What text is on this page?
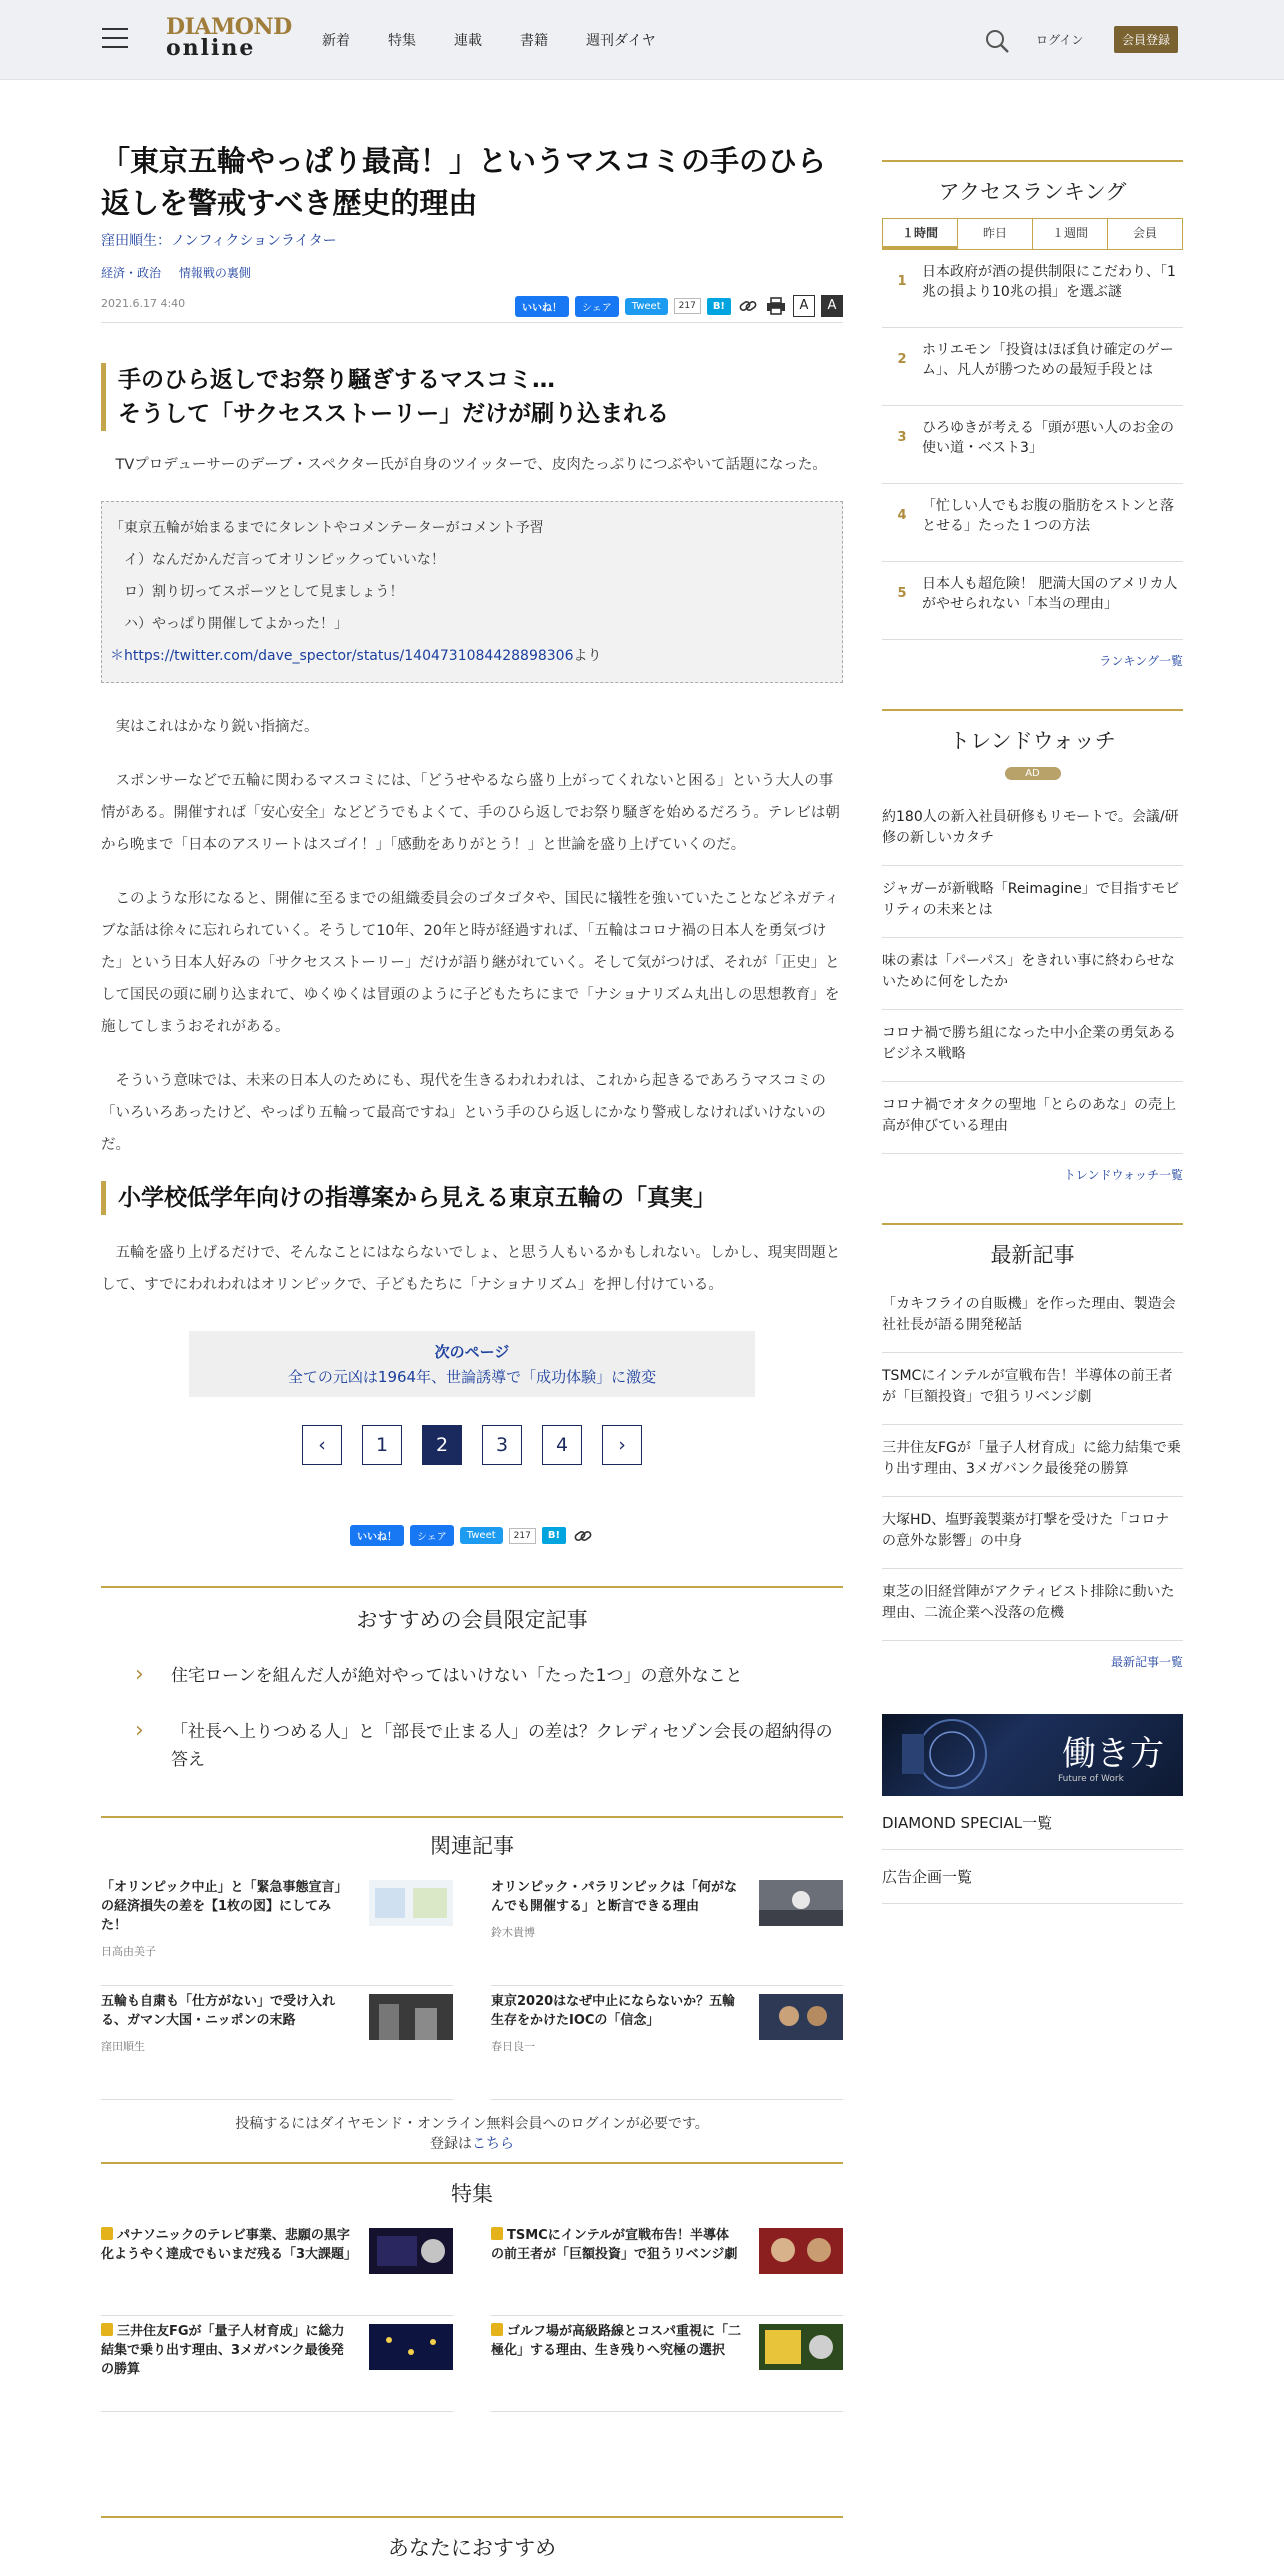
DIAMOND
online	新着	特集	連載	書籍	週刊ダイヤ	ログイン	会員登録
「東京五輪やっぱり最高！」というマスコミの手のひら返しを警戒すべき歴史的理由
窪田順生：ノンフィクションライター
経済・政治 情報戦の裏側
2021.6.17 4:40	いいね！	シェア	Tweet	217	B!	A	A
手のひら返しでお祭り騒ぎするマスコミ…
そうして「サクセスストーリー」だけが刷り込まれる

TVプロデューサーのデーブ・スペクター氏が自身のツイッターで、皮肉たっぷりにつぶやいて話題になった。

「東京五輪が始まるまでにタレントやコメンテーターがコメント予習
イ）なんだかんだ言ってオリンピックっていいな！
ロ）割り切ってスポーツとして見ましょう！
ハ）やっぱり開催してよかった！」
＊https://twitter.com/dave_spector/status/1404731084428898306より

実はこれはかなり鋭い指摘だ。

スポンサーなどで五輪に関わるマスコミには、「どうせやるなら盛り上がってくれないと困る」という大人の事情がある。開催すれば「安心安全」などどうでもよくて、手のひら返しでお祭り騒ぎを始めるだろう。テレビは朝から晩まで「日本のアスリートはスゴイ！」「感動をありがとう！」と世論を盛り上げていくのだ。

このような形になると、開催に至るまでの組織委員会のゴタゴタや、国民に犠牲を強いていたことなどネガティブな話は徐々に忘れられていく。そうして10年、20年と時が経過すれば、「五輪はコロナ禍の日本人を勇気づけた」という日本人好みの「サクセスストーリー」だけが語り継がれていく。そして気がつけば、それが「正史」として国民の頭に刷り込まれて、ゆくゆくは冒頭のように子どもたちにまで「ナショナリズム丸出しの思想教育」を施してしまうおそれがある。

そういう意味では、未来の日本人のためにも、現代を生きるわれわれは、これから起きるであろうマスコミの「いろいろあったけど、やっぱり五輪って最高ですね」という手のひら返しにかなり警戒しなければいけないのだ。

小学校低学年向けの指導案から見える東京五輪の「真実」

五輪を盛り上げるだけで、そんなことにはならないでしょ、と思う人もいるかもしれない。しかし、現実問題として、すでにわれわれはオリンピックで、子どもたちに「ナショナリズム」を押し付けている。

次のページ
全ての元凶は1964年、世論誘導で「成功体験」に激変
‹	1	2	3	4	›
いいね！	シェア	Tweet	217	B!
おすすめの会員限定記事
› 住宅ローンを組んだ人が絶対やってはいけない「たった1つ」の意外なこと
› 「社長へ上りつめる人」と「部長で止まる人」の差は？クレディセゾン会長の超納得の答え
関連記事
「オリンピック中止」と「緊急事態宣言」の経済損失の差を【1枚の図】にしてみた！
日高由美子
オリンピック・パラリンピックは「何がなんでも開催する」と断言できる理由
鈴木貴博
五輪も自粛も「仕方がない」で受け入れる、ガマン大国・ニッポンの末路
窪田順生
東京2020はなぜ中止にならないか？五輪生存をかけたIOCの「信念」
春日良一
投稿するにはダイヤモンド・オンライン無料会員へのログインが必要です。
登録はこちら
特集
パナソニックのテレビ事業、悲願の黒字化ようやく達成でもいまだ残る「3大課題」
TSMCにインテルが宣戦布告！半導体の前王者が「巨額投資」で狙うリベンジ劇
三井住友FGが「量子人材育成」に総力結集で乗り出す理由、3メガバンク最後発の勝算
ゴルフ場が高級路線とコスパ重視に「二極化」する理由、生き残りへ究極の選択
あなたにおすすめ
アクセスランキング
１時間	昨日	１週間	会員
1
日本政府が酒の提供制限にこだわり、「1兆の損より10兆の損」を選ぶ謎
2
ホリエモン「投資はほぼ負け確定のゲーム」、凡人が勝つための最短手段とは
3
ひろゆきが考える「頭が悪い人のお金の使い道・ベスト3」
4
「忙しい人でもお腹の脂肪をストンと落とせる」たった１つの方法
5
日本人も超危険！ 肥満大国のアメリカ人がやせられない「本当の理由」
ランキング一覧
トレンドウォッチ
AD
約180人の新入社員研修もリモートで。会議/研修の新しいカタチ
ジャガーが新戦略「Reimagine」で目指すモビリティの未来とは
味の素は「パーパス」をきれい事に終わらせないために何をしたか
コロナ禍で勝ち組になった中小企業の勇気あるビジネス戦略
コロナ禍でオタクの聖地「とらのあな」の売上高が伸びている理由
トレンドウォッチ一覧
最新記事
「カキフライの自販機」を作った理由、製造会社社長が語る開発秘話
TSMCにインテルが宣戦布告！半導体の前王者が「巨額投資」で狙うリベンジ劇
三井住友FGが「量子人材育成」に総力結集で乗り出す理由、3メガバンク最後発の勝算
大塚HD、塩野義製薬が打撃を受けた「コロナの意外な影響」の中身
東芝の旧経営陣がアクティビスト排除に動いた理由、二流企業へ没落の危機
最新記事一覧
働き方
Future of Work
DIAMOND SPECIAL一覧
広告企画一覧
